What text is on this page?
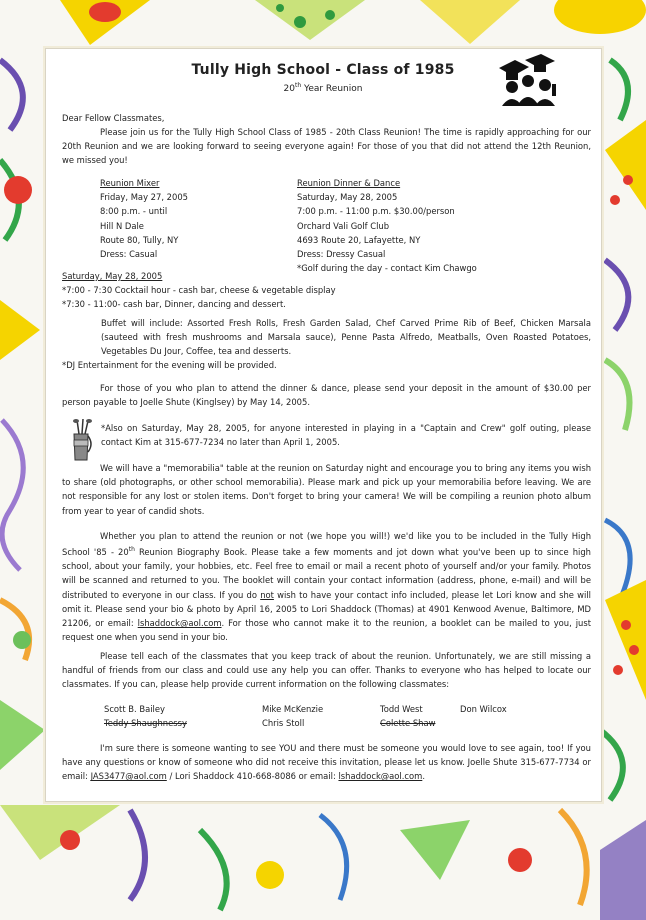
Tully High School - Class of 1985
20th Year Reunion
Dear Fellow Classmates,
Please join us for the Tully High School Class of 1985 - 20th Class Reunion! The time is rapidly approaching for our 20th Reunion and we are looking forward to seeing everyone again! For those of you that did not attend the 12th Reunion, we missed you!
Reunion Mixer
Friday, May 27, 2005
8:00 p.m. - until
Hill N Dale
Route 80, Tully, NY
Dress: Casual
Reunion Dinner & Dance
Saturday, May 28, 2005
7:00 p.m. - 11:00 p.m. $30.00/person
Orchard Vali Golf Club
4693 Route 20, Lafayette, NY
Dress: Dressy Casual
*Golf during the day - contact Kim Chawgo
Saturday, May 28, 2005
*7:00 - 7:30 Cocktail hour - cash bar, cheese & vegetable display
*7:30 - 11:00- cash bar, Dinner, dancing and dessert.
Buffet will include: Assorted Fresh Rolls, Fresh Garden Salad, Chef Carved Prime Rib of Beef, Chicken Marsala (sauteed with fresh mushrooms and Marsala sauce), Penne Pasta Alfredo, Meatballs, Oven Roasted Potatoes, Vegetables Du Jour, Coffee, tea and desserts.
*DJ Entertainment for the evening will be provided.
For those of you who plan to attend the dinner & dance, please send your deposit in the amount of $30.00 per person payable to Joelle Shute (Kinglsey) by May 14, 2005.
*Also on Saturday, May 28, 2005, for anyone interested in playing in a "Captain and Crew" golf outing, please contact Kim at 315-677-7234 no later than April 1, 2005.
We will have a "memorabilia" table at the reunion on Saturday night and encourage you to bring any items you wish to share (old photographs, or other school memorabilia). Please mark and pick up your memorabilia before leaving. We are not responsible for any lost or stolen items. Don't forget to bring your camera! We will be compiling a reunion photo album from year to year of candid shots.
Whether you plan to attend the reunion or not (we hope you will!) we'd like you to be included in the Tully High School '85 - 20th Reunion Biography Book. Please take a few moments and jot down what you've been up to since high school, about your family, your hobbies, etc. Feel free to email or mail a recent photo of yourself and/or your family. Photos will be scanned and returned to you. The booklet will contain your contact information (address, phone, e-mail) and will be distributed to everyone in our class. If you do not wish to have your contact info included, please let Lori know and she will omit it. Please send your bio & photo by April 16, 2005 to Lori Shaddock (Thomas) at 4901 Kenwood Avenue, Baltimore, MD 21206, or email: lshaddock@aol.com. For those who cannot make it to the reunion, a booklet can be mailed to you, just request one when you send in your bio.
Please tell each of the classmates that you keep track of about the reunion. Unfortunately, we are still missing a handful of friends from our class and could use any help you can offer. Thanks to everyone who has helped to locate our classmates. If you can, please help provide current information on the following classmates:
Scott B. Bailey	Mike McKenzie	Todd West	Don Wilcox
Teddy Shaughnessy	Chris Stoll	Colette Shaw
I'm sure there is someone wanting to see YOU and there must be someone you would love to see again, too! If you have any questions or know of someone who did not receive this invitation, please let us know. Joelle Shute 315-677-7734 or email: JAS3477@aol.com / Lori Shaddock 410-668-8086 or email: lshaddock@aol.com.
